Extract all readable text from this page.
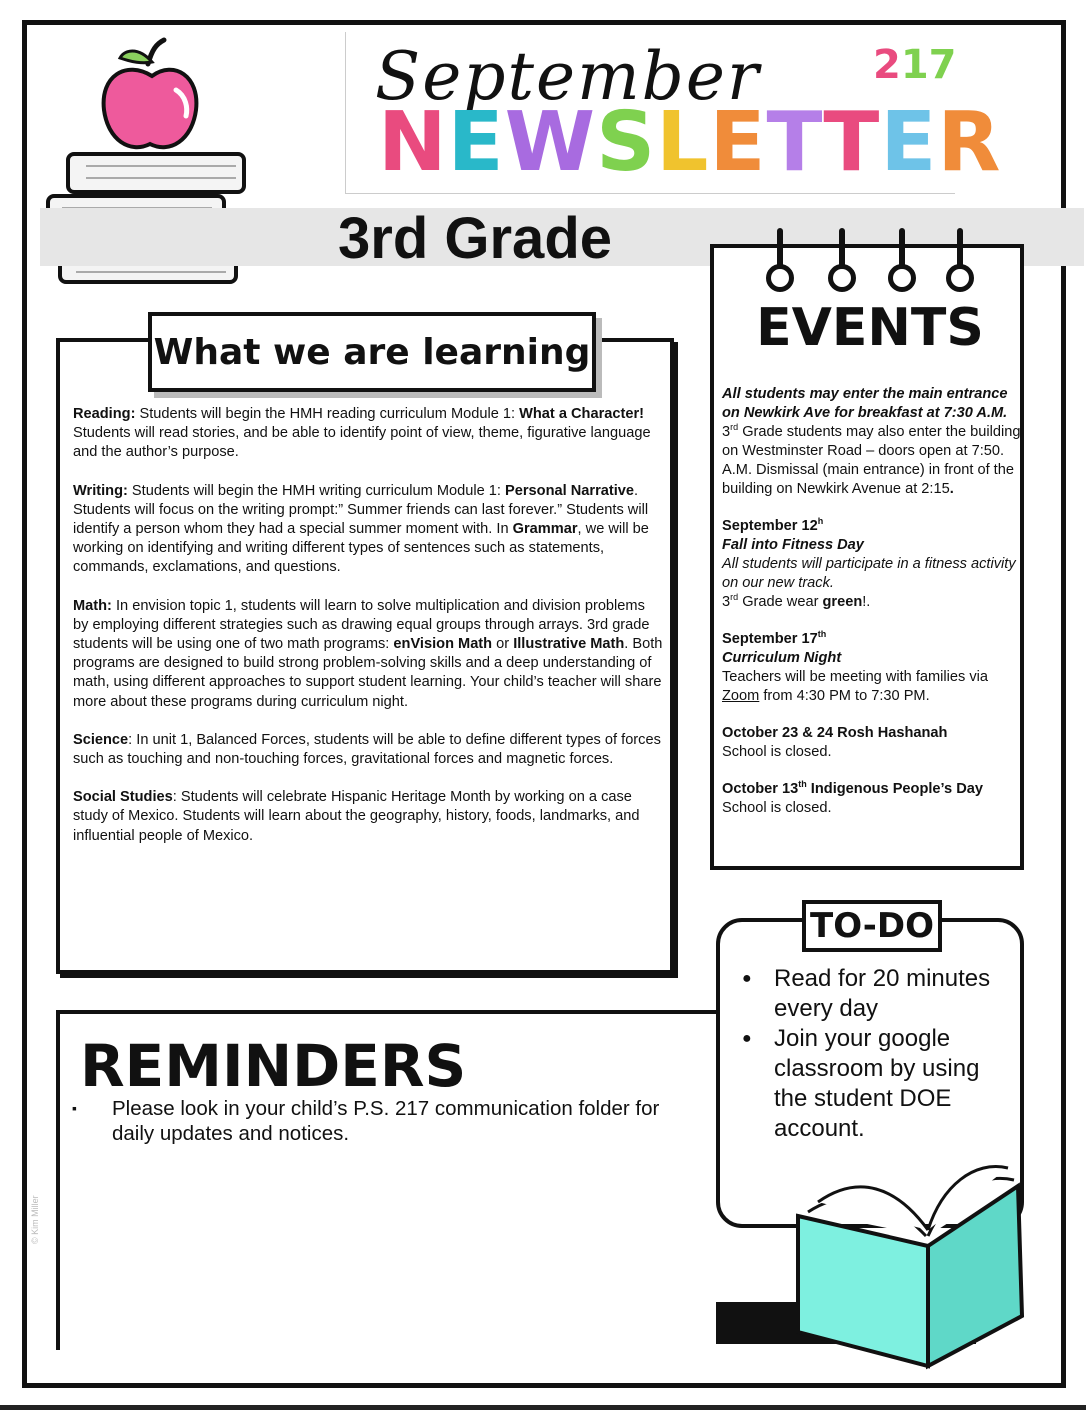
September
NEWSLETTER
217
3rd Grade
What we are learning

Reading: Students will begin the HMH reading curriculum Module 1: What a Character! Students will read stories, and be able to identify point of view, theme, figurative language and the author’s purpose.

Writing: Students will begin the HMH writing curriculum Module 1: Personal Narrative. Students will focus on the writing prompt:” Summer friends can last forever.” Students will identify a person whom they had a special summer moment with. In Grammar, we will be working on identifying and writing different types of sentences such as statements, commands, exclamations, and questions.

Math: In envision topic 1, students will learn to solve multiplication and division problems by employing different strategies such as drawing equal groups through arrays. 3rd grade students will be using one of two math programs: enVision Math or Illustrative Math. Both programs are designed to build strong problem-solving skills and a deep understanding of math, using different approaches to support student learning. Your child’s teacher will share more about these programs during curriculum night.

Science: In unit 1, Balanced Forces, students will be able to define different types of forces such as touching and non-touching forces, gravitational forces and magnetic forces.

Social Studies: Students will celebrate Hispanic Heritage Month by working on a case study of Mexico. Students will learn about the geography, history, foods, landmarks, and influential people of Mexico.

EVENTS
All students may enter the main entrance on Newkirk Ave for breakfast at 7:30 A.M.
3rd Grade students may also enter the building on Westminster Road – doors open at 7:50. A.M. Dismissal (main entrance) in front of the building on Newkirk Avenue at 2:15.
September 12$^h$
Fall into Fitness Day
All students will participate in a fitness activity on our new track.
3rd Grade wear green!.
September 17th
Curriculum Night
Teachers will be meeting with families via Zoom from 4:30 PM to 7:30 PM.
October 23 & 24 Rosh Hashanah
School is closed.
October 13th Indigenous People’s Day
School is closed.
TO-DO
● Read for 20 minutes every day
● Join your google classroom by using the student DOE account.
REMINDERS
▪ Please look in your child’s P.S. 217 communication folder for daily updates and notices.
© Kim Miller
